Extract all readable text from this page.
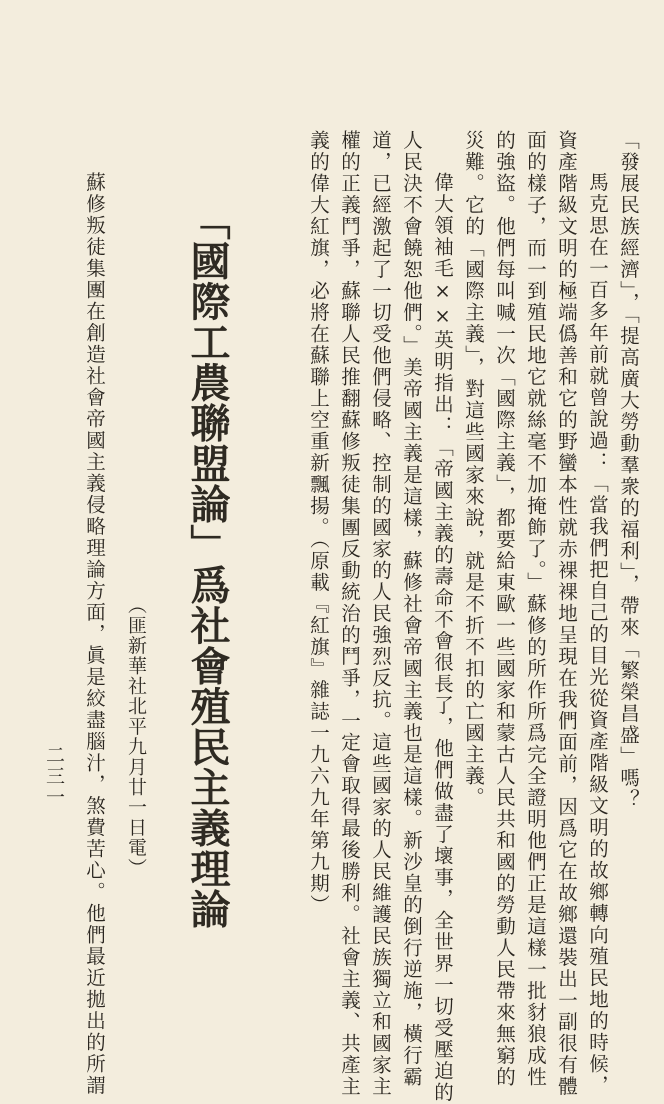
「發展民族經濟」，「提高廣大勞動羣衆的福利」，帶來「繁榮昌盛」嗎？
馬克思在一百多年前就曾說過：「當我們把自己的目光從資產階級文明的故鄉轉向殖民地的時候，
資產階級文明的極端僞善和它的野蠻本性就赤裸裸地呈現在我們面前，因爲它在故鄉還裝出一副很有體
面的樣子，而一到殖民地它就絲毫不加掩飾了。」蘇修的所作所爲完全證明他們正是這樣一批豺狼成性
的強盜。他們每叫喊一次「國際主義」，都要給東歐一些國家和蒙古人民共和國的勞動人民帶來無窮的
災難。它的「國際主義」，對這些國家來說，就是不折不扣的亡國主義。
偉大領袖毛××英明指出：「帝國主義的壽命不會很長了，他們做盡了壞事，全世界一切受壓迫的
人民決不會饒恕他們。」美帝國主義是這樣，蘇修社會帝國主義也是這樣。新沙皇的倒行逆施，橫行霸
道，已經激起了一切受他們侵略、控制的國家的人民強烈反抗。這些國家的人民維護民族獨立和國家主
權的正義鬥爭，蘇聯人民推翻蘇修叛徒集團反動統治的鬥爭，一定會取得最後勝利。社會主義、共產主
義的偉大紅旗，必將在蘇聯上空重新飄揚。（原載『紅旗』雜誌一九六九年第九期）
「國際工農聯盟論」爲社會殖民主義理論
（匪新華社北平九月廿一日電）
蘇修叛徒集團在創造社會帝國主義侵略理論方面，眞是絞盡腦汁，煞費苦心。他們最近拋出的所謂
二三一
